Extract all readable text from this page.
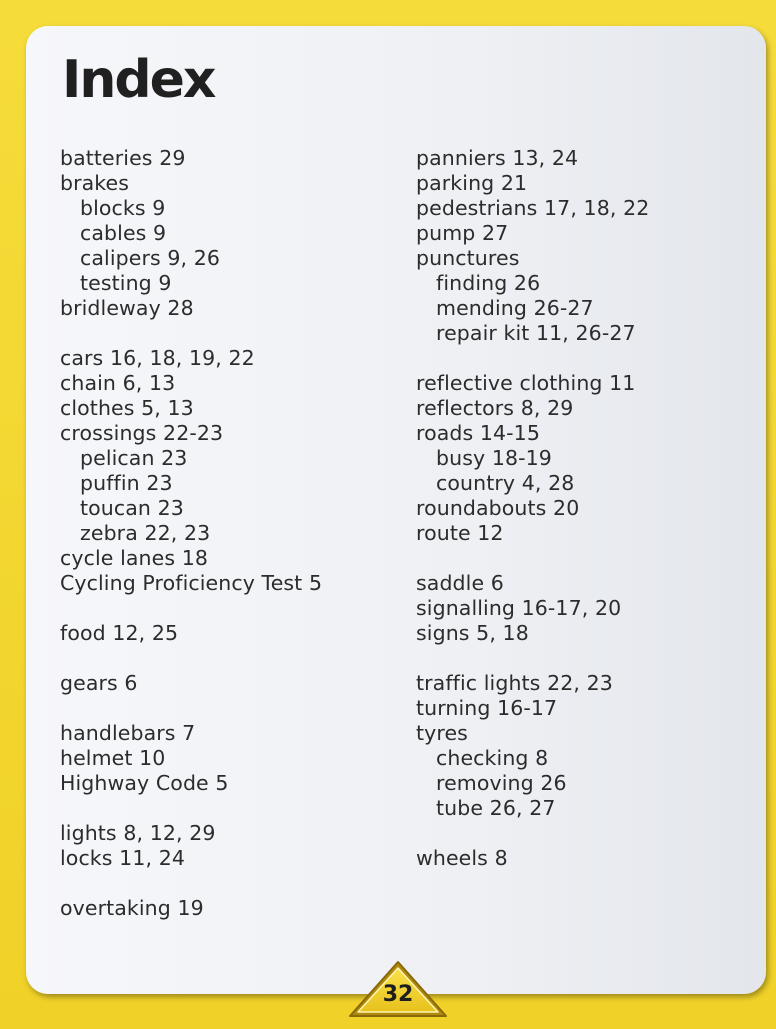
Index
batteries 29
brakes
blocks 9
cables 9
calipers 9, 26
testing 9
bridleway 28
cars 16, 18, 19, 22
chain 6, 13
clothes 5, 13
crossings 22-23
pelican 23
puffin 23
toucan 23
zebra 22, 23
cycle lanes 18
Cycling Proficiency Test 5
food 12, 25
gears 6
handlebars 7
helmet 10
Highway Code 5
lights 8, 12, 29
locks 11, 24
overtaking 19
panniers 13, 24
parking 21
pedestrians 17, 18, 22
pump 27
punctures
finding 26
mending 26-27
repair kit 11, 26-27
reflective clothing 11
reflectors 8, 29
roads 14-15
busy 18-19
country 4, 28
roundabouts 20
route 12
saddle 6
signalling 16-17, 20
signs 5, 18
traffic lights 22, 23
turning 16-17
tyres
checking 8
removing 26
tube 26, 27
wheels 8
32
